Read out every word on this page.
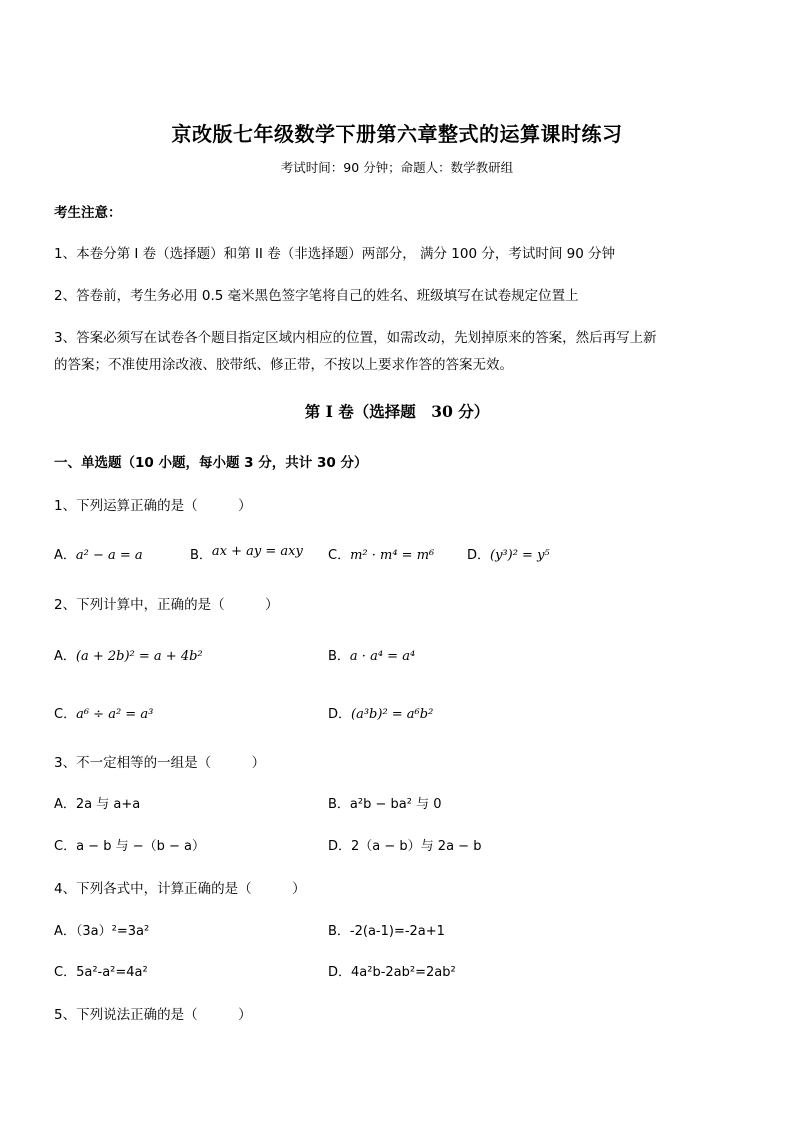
京改版七年级数学下册第六章整式的运算课时练习
考试时间：90 分钟；命题人：数学教研组
考生注意：
1、本卷分第 I 卷（选择题）和第 II 卷（非选择题）两部分， 满分 100 分，考试时间 90 分钟
2、答卷前，考生务必用 0.5 毫米黑色签字笔将自己的姓名、班级填写在试卷规定位置上
3、答案必须写在试卷各个题目指定区域内相应的位置，如需改动，先划掉原来的答案，然后再写上新
的答案；不准使用涂改液、胶带纸、修正带，不按以上要求作答的答案无效。
第 I 卷（选择题　30 分）
一、单选题（10 小题，每小题 3 分，共计 30 分）
1、下列运算正确的是（　　　）
A．a² − a = a	B．ax + ay = axy C．m² · m⁴ = m⁶	D．(y³)² = y⁵
2、下列计算中，正确的是（　　　）
A．(a + 2b)² = a + 4b²	B．a · a⁴ = a⁴
C．a⁶ ÷ a² = a³	D．(a³b)² = a⁶b²
3、不一定相等的一组是（　　　）
A．2a 与 a+a	B．a²b − ba² 与 0
C．a − b 与 −（b − a）	D．2（a − b）与 2a − b
4、下列各式中，计算正确的是（　　　）
A．（3a）²=3a²	B．-2(a-1)=-2a+1
C．5a²-a²=4a²	D．4a²b-2ab²=2ab²
5、下列说法正确的是（　　　）
